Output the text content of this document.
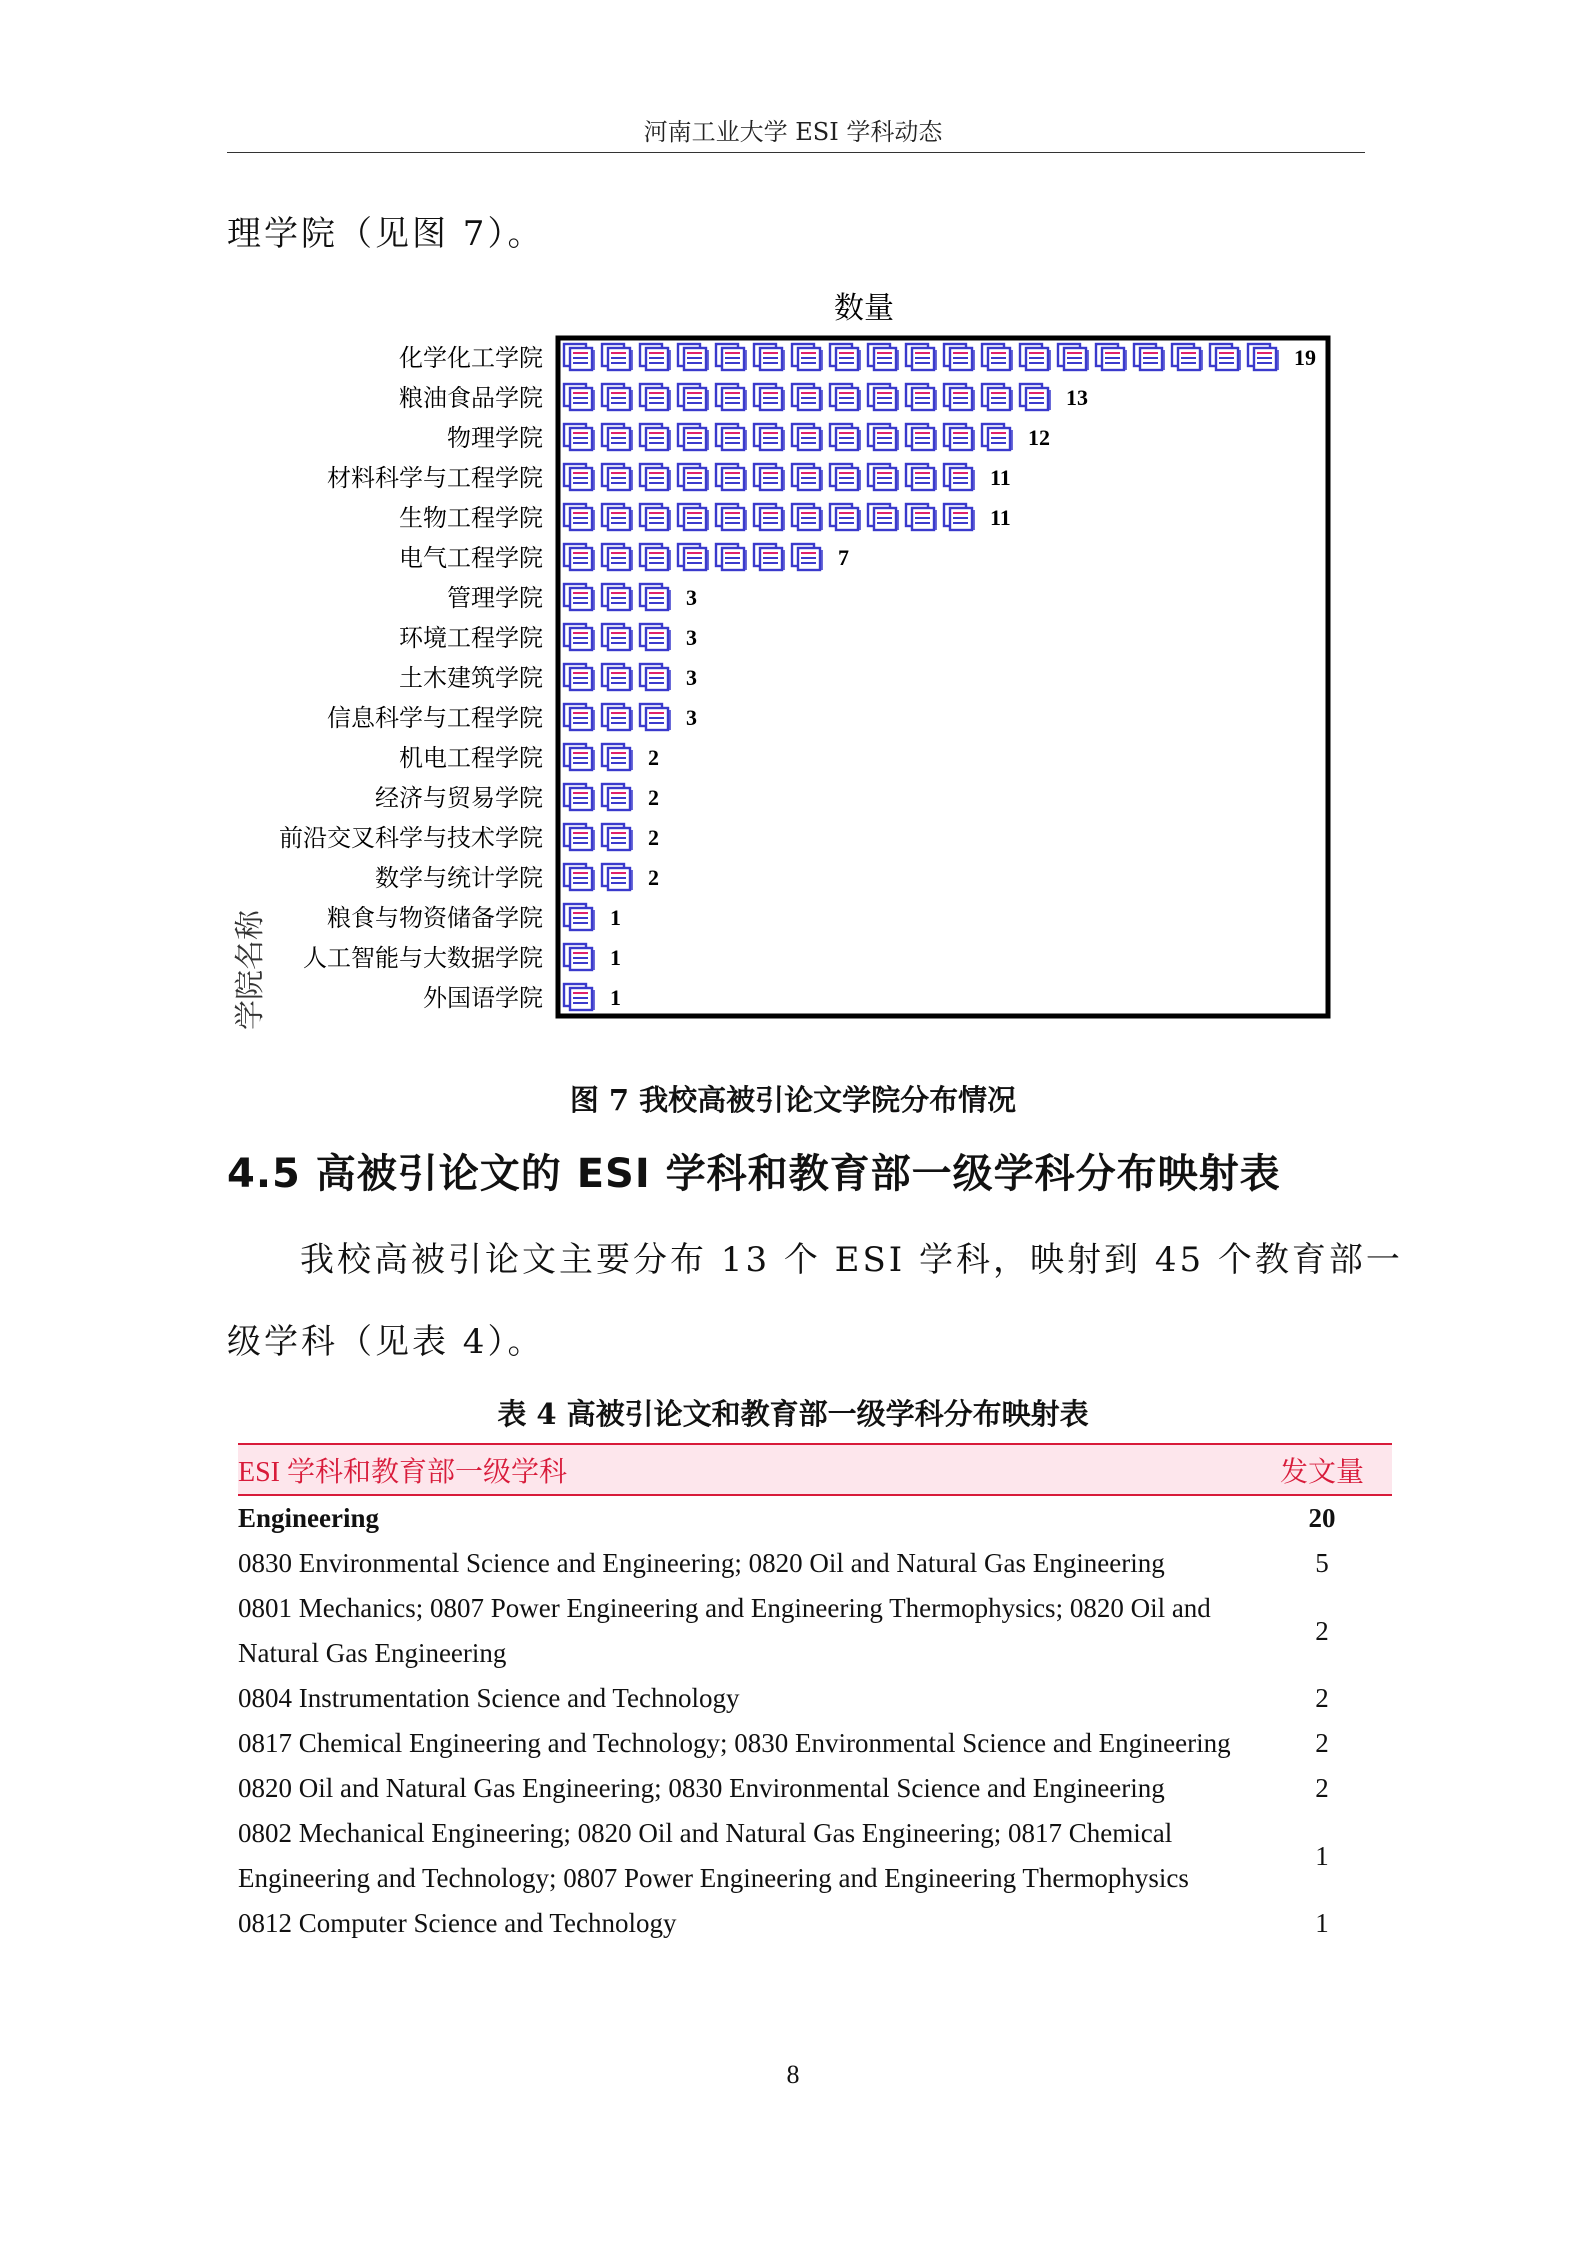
河南工业大学 ESI 学科动态
理学院（见图 7）。
数量
学院名称
化学化工学院	19
粮油食品学院	13
物理学院	12
材料科学与工程学院	11
生物工程学院	11
电气工程学院	7
管理学院	3
环境工程学院	3
土木建筑学院	3
信息科学与工程学院	3
机电工程学院	2
经济与贸易学院	2
前沿交叉科学与技术学院	2
数学与统计学院	2
粮食与物资储备学院	1
人工智能与大数据学院	1
外国语学院	1
图 7 我校高被引论文学院分布情况
4.5 高被引论文的 ESI 学科和教育部一级学科分布映射表
我校高被引论文主要分布 13 个 ESI 学科，映射到 45 个教育部一
级学科（见表 4）。
表 4 高被引论文和教育部一级学科分布映射表
ESI 学科和教育部一级学科	发文量
Engineering	20
0830 Environmental Science and Engineering; 0820 Oil and Natural Gas Engineering	5
0801 Mechanics; 0807 Power Engineering and Engineering Thermophysics; 0820 Oil and Natural Gas Engineering	2
0804 Instrumentation Science and Technology	2
0817 Chemical Engineering and Technology; 0830 Environmental Science and Engineering	2
0820 Oil and Natural Gas Engineering; 0830 Environmental Science and Engineering	2
0802 Mechanical Engineering; 0820 Oil and Natural Gas Engineering; 0817 Chemical Engineering and Technology; 0807 Power Engineering and Engineering Thermophysics	1
0812 Computer Science and Technology	1
8
